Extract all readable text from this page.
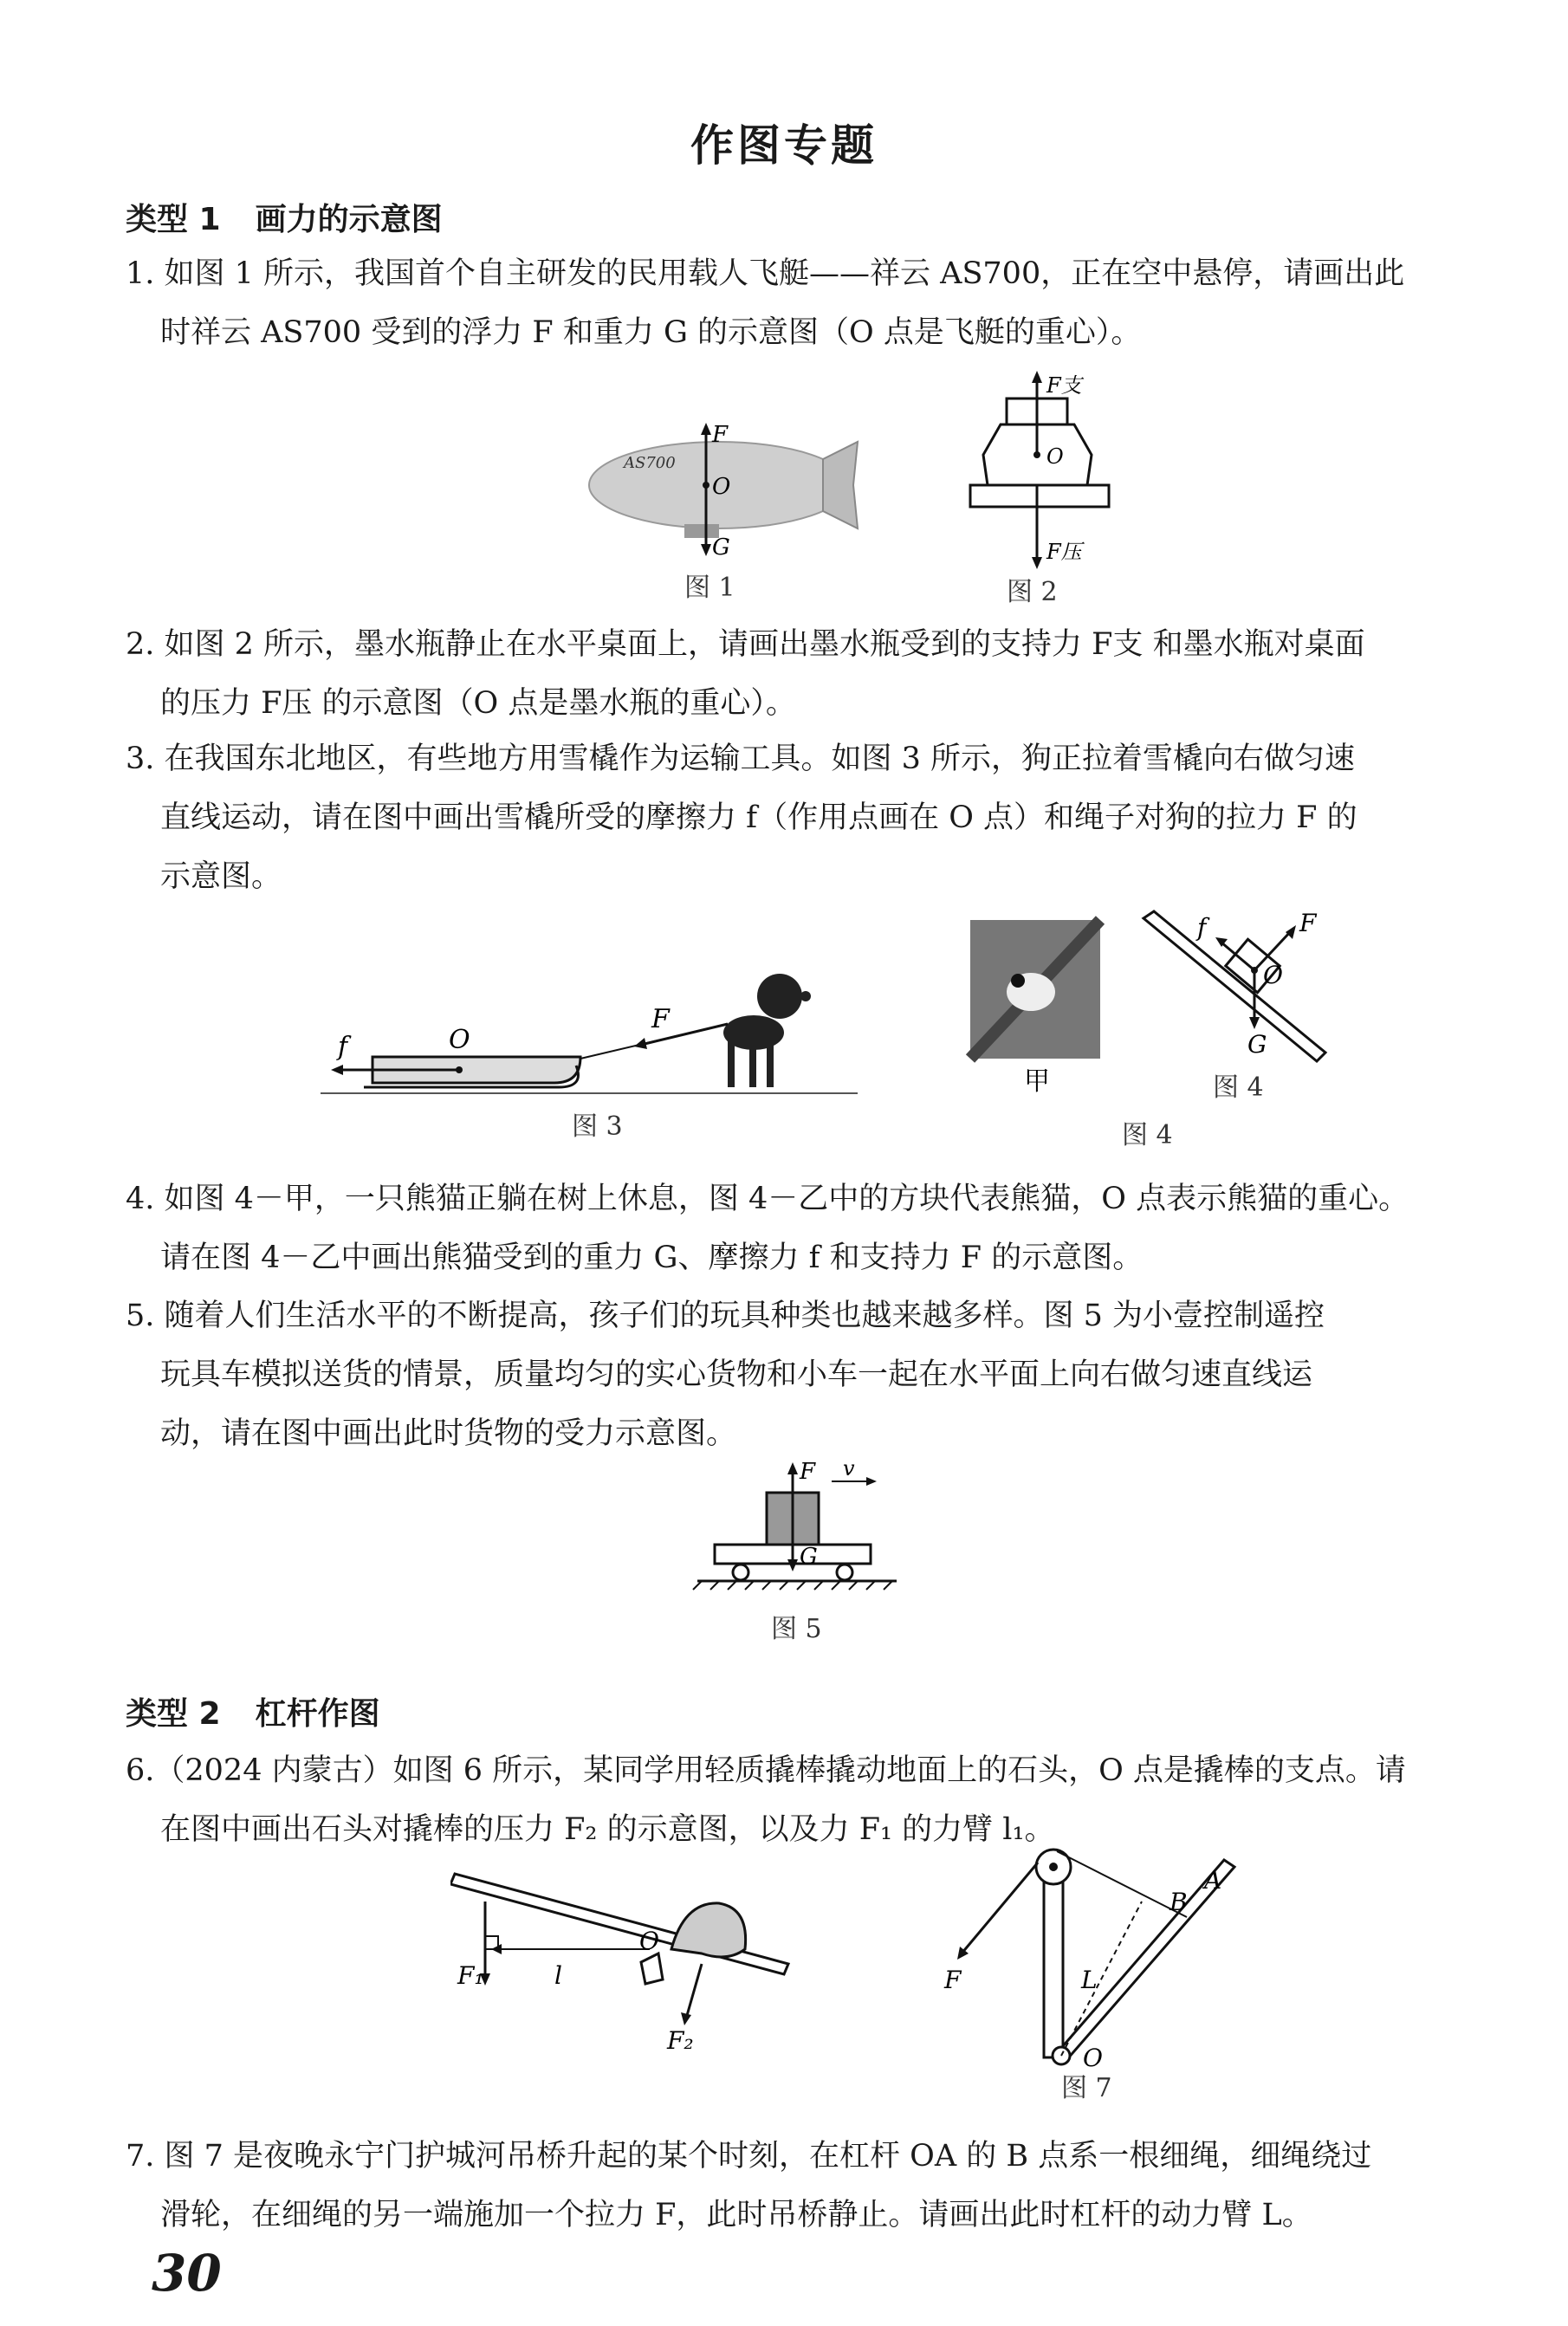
作图专题
类型 1 画力的示意图
1. 如图 1 所示，我国首个自主研发的民用载人飞艇——祥云 AS700，正在空中悬停，请画出此
时祥云 AS700 受到的浮力 F 和重力 G 的示意图（O 点是飞艇的重心）。
AS700
F
O
G
图 1
F支
O
F压
图 2
2. 如图 2 所示，墨水瓶静止在水平桌面上，请画出墨水瓶受到的支持力 F支 和墨水瓶对桌面
的压力 F压 的示意图（O 点是墨水瓶的重心）。
3. 在我国东北地区，有些地方用雪橇作为运输工具。如图 3 所示，狗正拉着雪橇向右做匀速
直线运动，请在图中画出雪橇所受的摩擦力 f（作用点画在 O 点）和绳子对狗的拉力 F 的
示意图。
f	O
F
图 3
甲
F
f
O
G
图 4
图 4
4. 如图 4－甲，一只熊猫正躺在树上休息，图 4－乙中的方块代表熊猫，O 点表示熊猫的重心。
请在图 4－乙中画出熊猫受到的重力 G、摩擦力 f 和支持力 F 的示意图。
5. 随着人们生活水平的不断提高，孩子们的玩具种类也越来越多样。图 5 为小壹控制遥控
玩具车模拟送货的情景，质量均匀的实心货物和小车一起在水平面上向右做匀速直线运
动，请在图中画出此时货物的受力示意图。
F v
G
图 5
类型 2 杠杆作图
6.（2024 内蒙古）如图 6 所示，某同学用轻质撬棒撬动地面上的石头，O 点是撬棒的支点。请
在图中画出石头对撬棒的压力 F₂ 的示意图，以及力 F₁ 的力臂 l₁。
F₁	l
O
F₂
F	L
B
A
O
图 7
7. 图 7 是夜晚永宁门护城河吊桥升起的某个时刻，在杠杆 OA 的 B 点系一根细绳，细绳绕过
滑轮，在细绳的另一端施加一个拉力 F，此时吊桥静止。请画出此时杠杆的动力臂 L。
30
